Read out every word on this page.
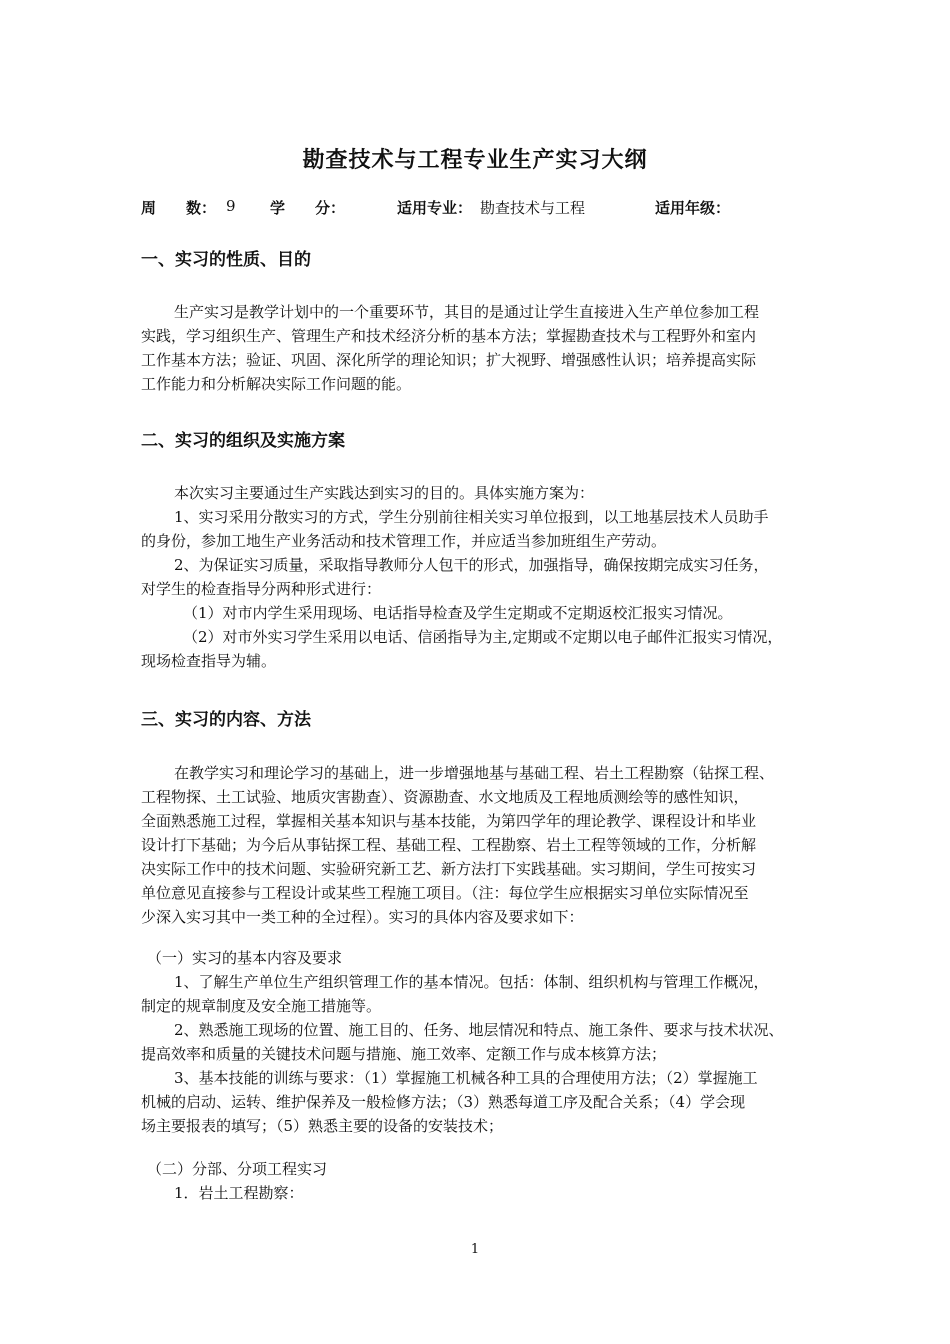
勘查技术与工程专业生产实习大纲
周　　数： 9 学　　分：	适用专业： 勘查技术与工程	适用年级：
一、实习的性质、目的
生产实习是教学计划中的一个重要环节，其目的是通过让学生直接进入生产单位参加工程
实践，学习组织生产、管理生产和技术经济分析的基本方法；掌握勘查技术与工程野外和室内
工作基本方法；验证、巩固、深化所学的理论知识；扩大视野、增强感性认识；培养提高实际
工作能力和分析解决实际工作问题的能。
二、实习的组织及实施方案
本次实习主要通过生产实践达到实习的目的。具体实施方案为：
1、实习采用分散实习的方式，学生分别前往相关实习单位报到，以工地基层技术人员助手
的身份，参加工地生产业务活动和技术管理工作，并应适当参加班组生产劳动。
2、为保证实习质量，采取指导教师分人包干的形式，加强指导，确保按期完成实习任务，
对学生的检查指导分两种形式进行：
（1）对市内学生采用现场、电话指导检查及学生定期或不定期返校汇报实习情况。
（2）对市外实习学生采用以电话、信函指导为主,定期或不定期以电子邮件汇报实习情况，
现场检查指导为辅。
三、实习的内容、方法
在教学实习和理论学习的基础上，进一步增强地基与基础工程、岩土工程勘察（钻探工程、
工程物探、土工试验、地质灾害勘查）、资源勘查、水文地质及工程地质测绘等的感性知识，
全面熟悉施工过程，掌握相关基本知识与基本技能，为第四学年的理论教学、课程设计和毕业
设计打下基础；为今后从事钻探工程、基础工程、工程勘察、岩土工程等领域的工作，分析解
决实际工作中的技术问题、实验研究新工艺、新方法打下实践基础。实习期间，学生可按实习
单位意见直接参与工程设计或某些工程施工项目。（注：每位学生应根据实习单位实际情况至
少深入实习其中一类工种的全过程）。实习的具体内容及要求如下：
（一）实习的基本内容及要求
1、了解生产单位生产组织管理工作的基本情况。包括：体制、组织机构与管理工作概况，
制定的规章制度及安全施工措施等。
2、熟悉施工现场的位置、施工目的、任务、地层情况和特点、施工条件、要求与技术状况、
提高效率和质量的关键技术问题与措施、施工效率、定额工作与成本核算方法；
3、基本技能的训练与要求：（1）掌握施工机械各种工具的合理使用方法；（2）掌握施工
机械的启动、运转、维护保养及一般检修方法；（3）熟悉每道工序及配合关系；（4）学会现
场主要报表的填写；（5）熟悉主要的设备的安装技术；
（二）分部、分项工程实习
1．岩土工程勘察：
1
